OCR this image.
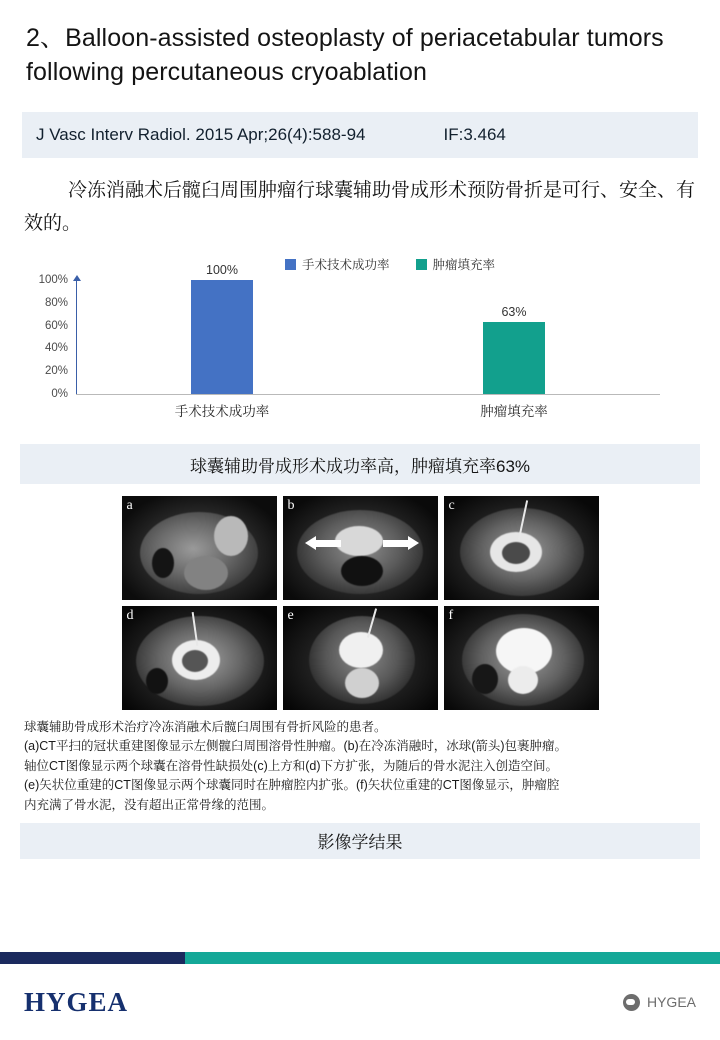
2、Balloon-assisted osteoplasty of periacetabular tumors following percutaneous cryoablation
J Vasc Interv Radiol. 2015 Apr;26(4):588-94	IF:3.464
冷冻消融术后髋臼周围肿瘤行球囊辅助骨成形术预防骨折是可行、安全、有效的。
手术技术成功率	肿瘤填充率
100%
80%
60%
40%
20%
0%
100%
63%
手术技术成功率	肿瘤填充率
球囊辅助骨成形术成功率高，肿瘤填充率63%
a	b	c
d	e	f
球囊辅助骨成形术治疗冷冻消融术后髋臼周围有骨折风险的患者。
(a)CT平扫的冠状重建图像显示左侧髋臼周围溶骨性肿瘤。(b)在冷冻消融时，冰球(箭头)包裹肿瘤。
轴位CT图像显示两个球囊在溶骨性缺损处(c)上方和(d)下方扩张，为随后的骨水泥注入创造空间。
(e)矢状位重建的CT图像显示两个球囊同时在肿瘤腔内扩张。(f)矢状位重建的CT图像显示，肿瘤腔
内充满了骨水泥，没有超出正常骨缘的范围。
影像学结果
HYGEA	HYGEA
